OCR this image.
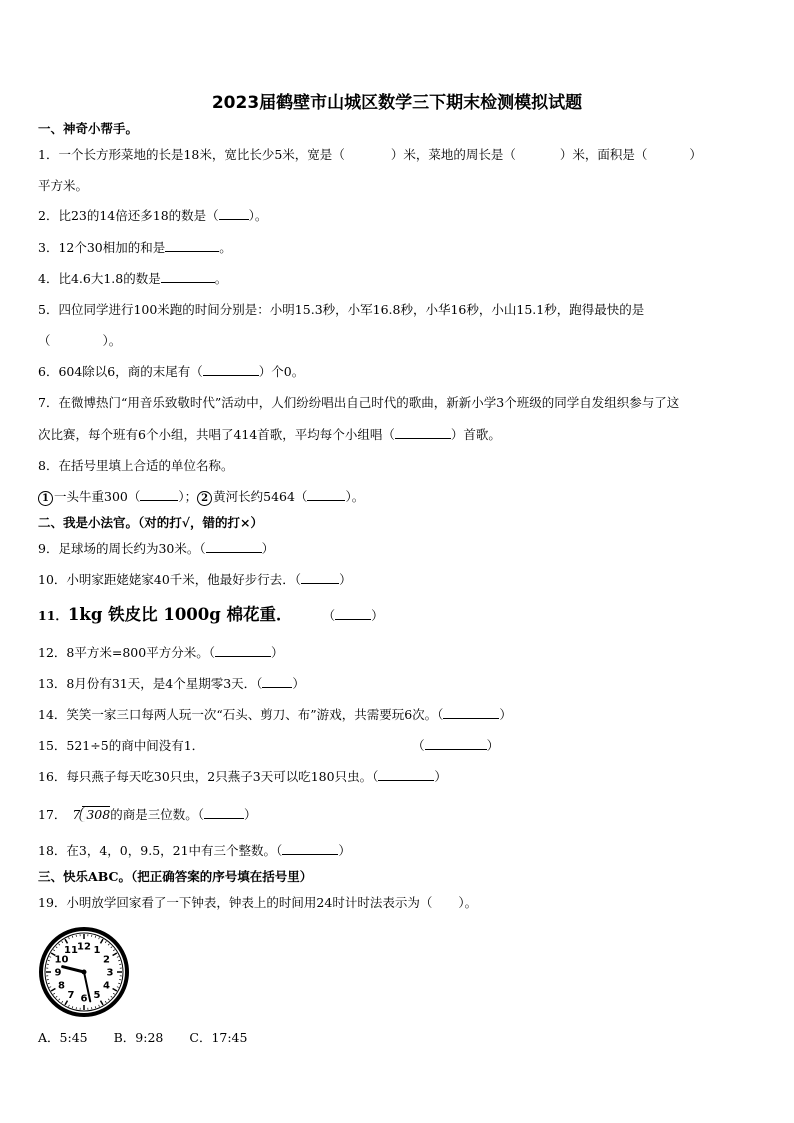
2023届鹤壁市山城区数学三下期末检测模拟试题
一、神奇小帮手。
1．一个长方形菜地的长是18米，宽比长少5米，宽是（	）米，菜地的周长是（	）米，面积是（	）
平方米。
2．比23的14倍还多18的数是（ ）。
3．12个30相加的和是	。
4．比4.6大1.8的数是	。
5．四位同学进行100米跑的时间分别是：小明15.3秒，小军16.8秒，小华16秒，小山15.1秒，跑得最快的是
（	）。
6．604除以6，商的末尾有（	）个0。
7．在微博热门“用音乐致敬时代”活动中，人们纷纷唱出自己时代的歌曲，新新小学3个班级的同学自发组织参与了这
次比赛，每个班有6个小组，共唱了414首歌，平均每个小组唱（	）首歌。
8．在括号里填上合适的单位名称。
1 一头牛重300（	）； 2 黄河长约5464（	）。
二、我是小法官。（对的打√，错的打×）
9．足球场的周长约为30米。（	）
10．小明家距姥姥家40千米，他最好步行去．（	）
11．1kg 铁皮比 1000g 棉花重． （	）
12．8平方米=800平方分米。（	）
13．8月份有31天，是4个星期零3天．（ ）
14．笑笑一家三口每两人玩一次“石头、剪刀、布”游戏，共需要玩6次。（	）
15．521÷5的商中间没有1．	（	）
16．每只燕子每天吃30只虫，2只燕子3天可以吃180只虫。（	）
17． 7 308的商是三位数。（	）
18．在3，4，0，9.5，21中有三个整数。（	）
三、快乐ABC。（把正确答案的序号填在括号里）
19．小明放学回家看了一下钟表，钟表上的时间用24时计时法表示为（ ）。
12 1
2
3
4
5
6
7
8
9
10
11
A．5:45 B．9:28 C．17:45
